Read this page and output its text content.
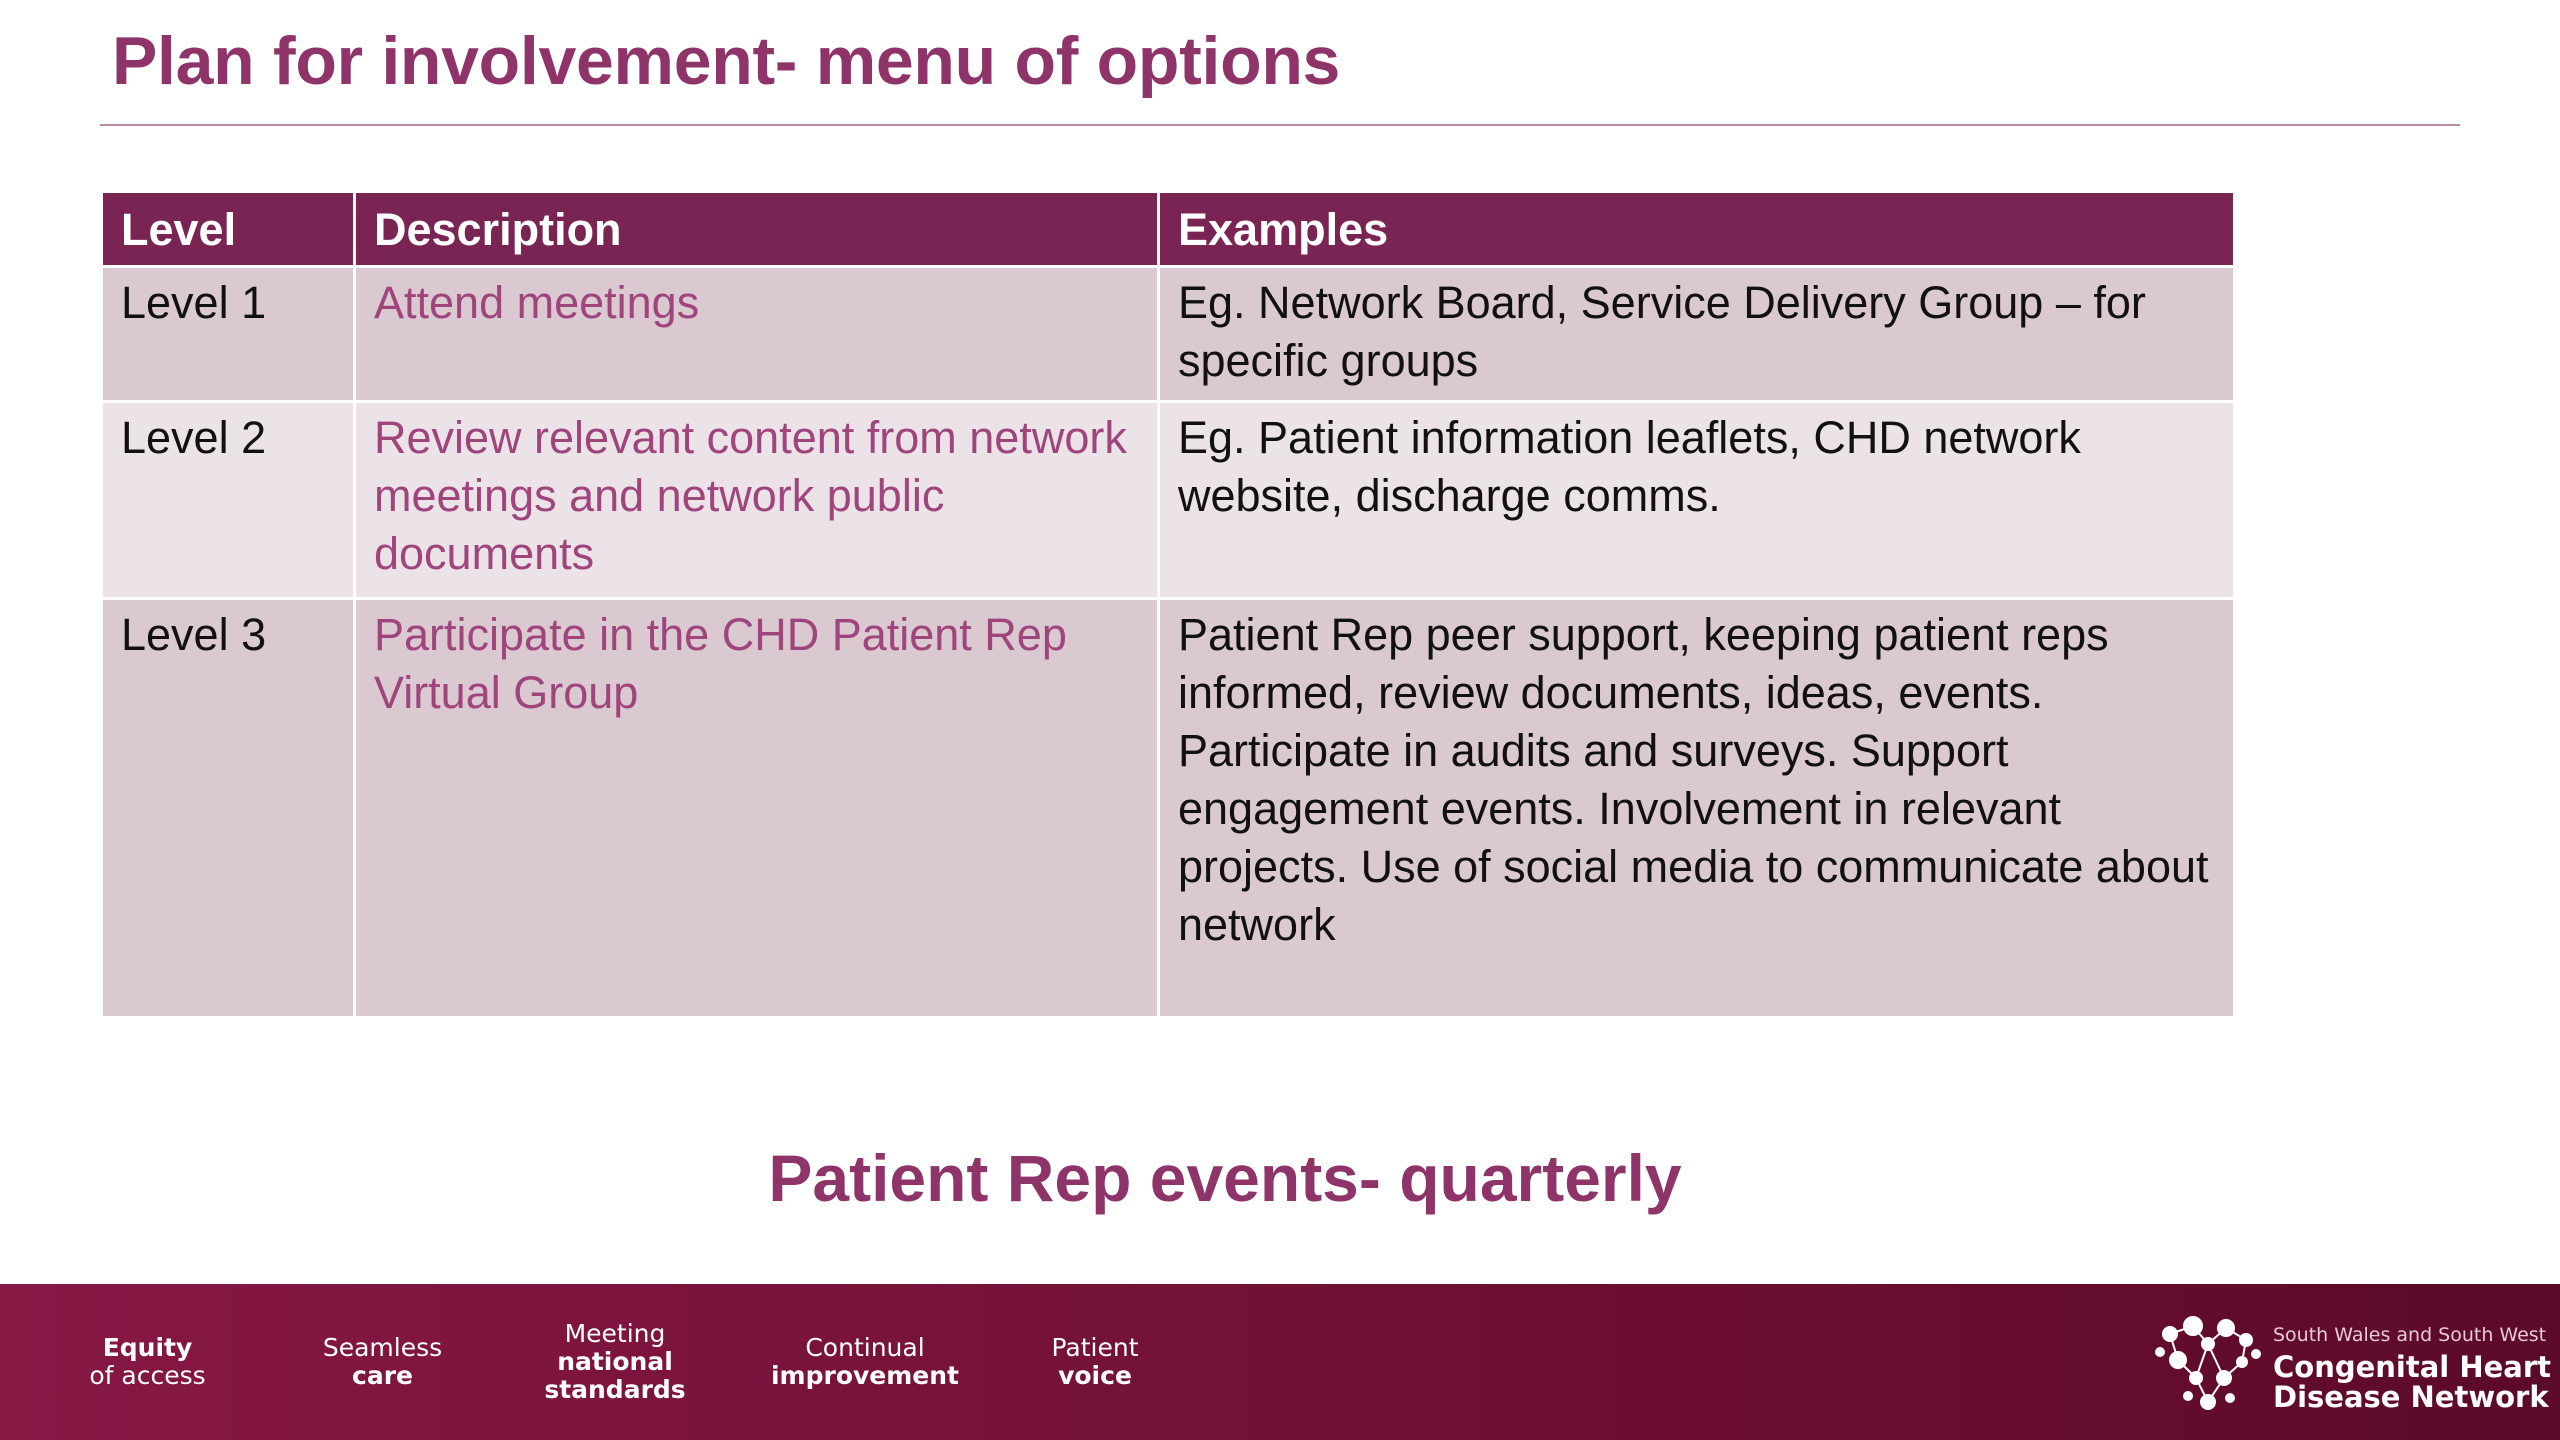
Plan for involvement- menu of options
Level	Description	Examples
Level 1	Attend meetings	Eg. Network Board, Service Delivery Group – for specific groups
Level 2	Review relevant content from network meetings and network public documents	Eg. Patient information leaflets, CHD network website, discharge comms.
Level 3	Participate in the CHD Patient Rep Virtual Group	Patient Rep peer support, keeping patient reps informed, review documents, ideas, events. Participate in audits and surveys. Support engagement events. Involvement in relevant projects. Use of social media to communicate about network
Patient Rep events- quarterly
Equity
of access
Seamless
care
Meeting
national
standards
Continual
improvement
Patient
voice
South Wales and South West
Congenital Heart
Disease Network
